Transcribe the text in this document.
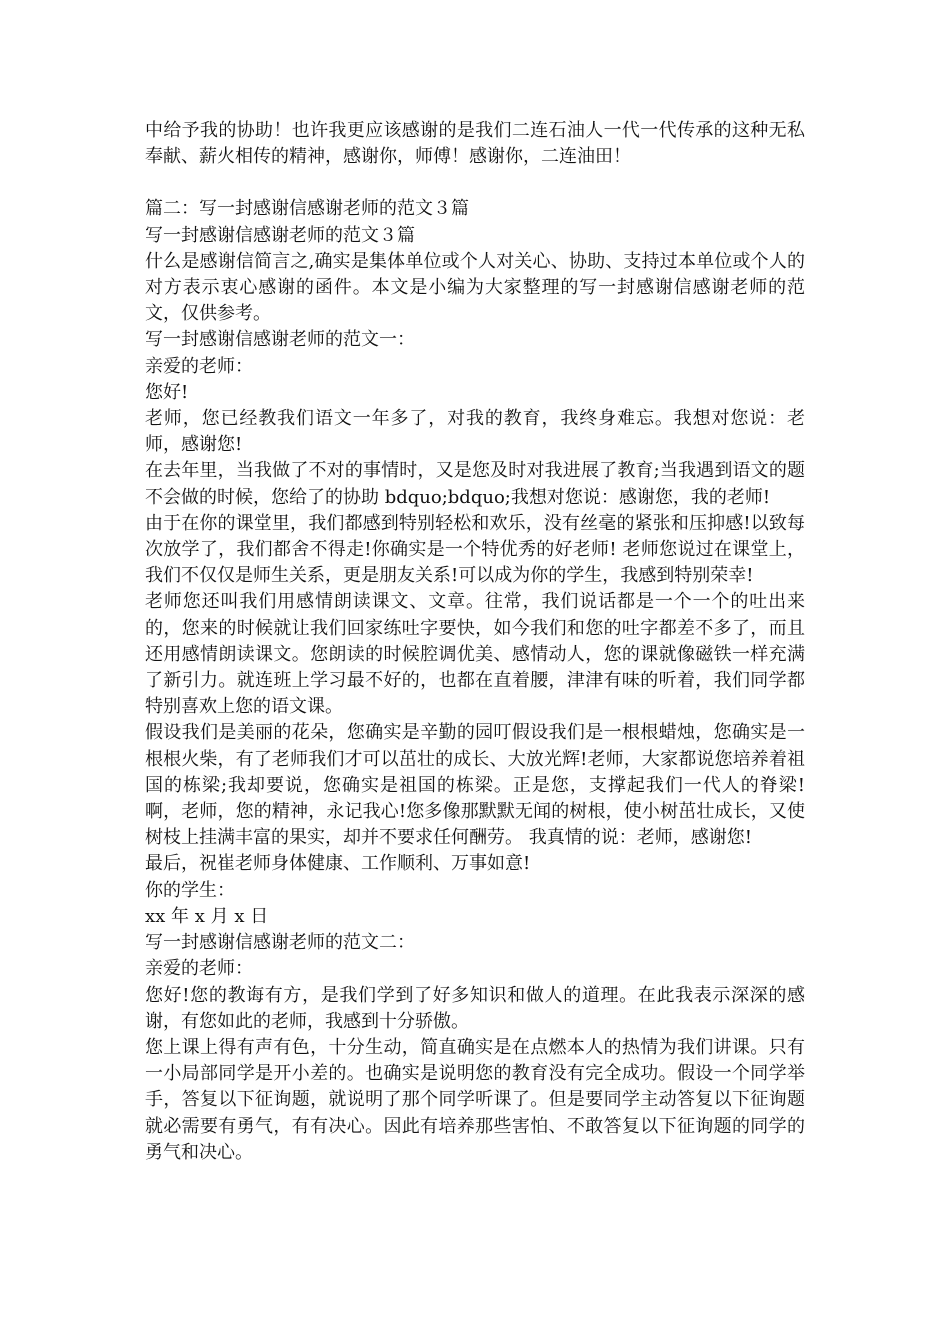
中给予我的协助！也许我更应该感谢的是我们二连石油人一代一代传承的这种无私奉献、薪火相传的精神，感谢你，师傅！感谢你，二连油田！

篇二：写一封感谢信感谢老师的范文３篇

写一封感谢信感谢老师的范文３篇

什么是感谢信简言之,确实是集体单位或个人对关心、协助、支持过本单位或个人的对方表示衷心感谢的函件。本文是小编为大家整理的写一封感谢信感谢老师的范文，仅供参考。

写一封感谢信感谢老师的范文一：

亲爱的老师：

您好!

老师，您已经教我们语文一年多了，对我的教育，我终身难忘。我想对您说：老师，感谢您!

在去年里，当我做了不对的事情时，又是您及时对我进展了教育;当我遇到语文的题不会做的时候，您给了的协助 bdquo;bdquo;我想对您说：感谢您，我的老师!

由于在你的课堂里，我们都感到特别轻松和欢乐，没有丝毫的紧张和压抑感!以致每次放学了，我们都舍不得走!你确实是一个特优秀的好老师! 老师您说过在课堂上，我们不仅仅是师生关系，更是朋友关系!可以成为你的学生，我感到特别荣幸!

老师您还叫我们用感情朗读课文、文章。往常，我们说话都是一个一个的吐出来的，您来的时候就让我们回家练吐字要快，如今我们和您的吐字都差不多了，而且还用感情朗读课文。您朗读的时候腔调优美、感情动人，您的课就像磁铁一样充满了新引力。就连班上学习最不好的，也都在直着腰，津津有味的听着，我们同学都特别喜欢上您的语文课。

假设我们是美丽的花朵，您确实是辛勤的园叮假设我们是一根根蜡烛，您确实是一根根火柴，有了老师我们才可以茁壮的成长、大放光辉!老师，大家都说您培养着祖国的栋梁;我却要说，您确实是祖国的栋梁。正是您，支撑起我们一代人的脊梁!啊，老师，您的精神，永记我心!您多像那默默无闻的树根，使小树茁壮成长，又使树枝上挂满丰富的果实，却并不要求任何酬劳。 我真情的说：老师，感谢您!

最后，祝崔老师身体健康、工作顺利、万事如意!

你的学生：

xx 年 x 月 x 日

写一封感谢信感谢老师的范文二：

亲爱的老师：

您好!您的教诲有方，是我们学到了好多知识和做人的道理。在此我表示深深的感谢，有您如此的老师，我感到十分骄傲。

您上课上得有声有色，十分生动，简直确实是在点燃本人的热情为我们讲课。只有一小局部同学是开小差的。也确实是说明您的教育没有完全成功。假设一个同学举手，答复以下征询题，就说明了那个同学听课了。但是要同学主动答复以下征询题就必需要有勇气，有有决心。因此有培养那些害怕、不敢答复以下征询题的同学的勇气和决心。
